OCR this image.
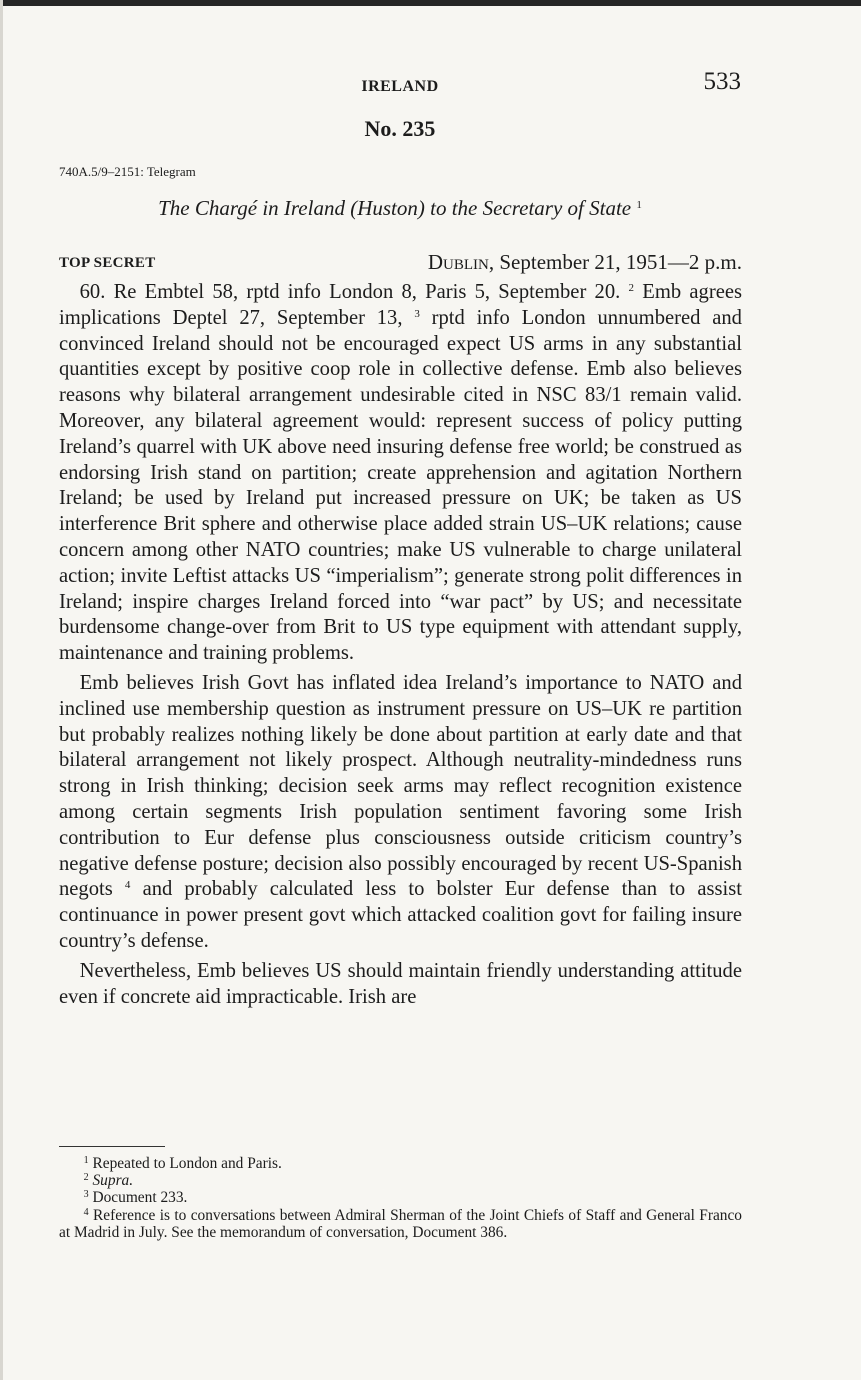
IRELAND	533
No. 235
740A.5/9–2151: Telegram
The Chargé in Ireland (Huston) to the Secretary of State $^1$
TOP SECRET	Dublin, September 21, 1951—2 p.m.

60. Re Embtel 58, rptd info London 8, Paris 5, September 20. $^2$ Emb agrees implications Deptel 27, September 13, $^3$ rptd info London unnumbered and convinced Ireland should not be encouraged expect US arms in any substantial quantities except by positive coop role in collective defense. Emb also believes reasons why bilateral arrangement undesirable cited in NSC 83/1 remain valid. Moreover, any bilateral agreement would: represent success of policy putting Ireland’s quarrel with UK above need insuring defense free world; be construed as endorsing Irish stand on partition; create apprehension and agitation Northern Ireland; be used by Ireland put increased pressure on UK; be taken as US interference Brit sphere and otherwise place added strain US–UK relations; cause concern among other NATO countries; make US vulnerable to charge unilateral action; invite Leftist attacks US “imperialism”; generate strong polit differences in Ireland; inspire charges Ireland forced into “war pact” by US; and necessitate burdensome change-over from Brit to US type equipment with attendant supply, maintenance and training problems.

Emb believes Irish Govt has inflated idea Ireland’s importance to NATO and inclined use membership question as instrument pressure on US–UK re partition but probably realizes nothing likely be done about partition at early date and that bilateral arrangement not likely prospect. Although neutrality-mindedness runs strong in Irish thinking; decision seek arms may reflect recognition existence among certain segments Irish population sentiment favoring some Irish contribution to Eur defense plus consciousness outside criticism country’s negative defense posture; decision also possibly encouraged by recent US-Spanish negots $^4$ and probably calculated less to bolster Eur defense than to assist continuance in power present govt which attacked coalition govt for failing insure country’s defense.

Nevertheless, Emb believes US should maintain friendly understanding attitude even if concrete aid impracticable. Irish are

$^1$ Repeated to London and Paris.

$^2$ Supra.

$^3$ Document 233.

$^4$ Reference is to conversations between Admiral Sherman of the Joint Chiefs of Staff and General Franco at Madrid in July. See the memorandum of conversation, Document 386.
